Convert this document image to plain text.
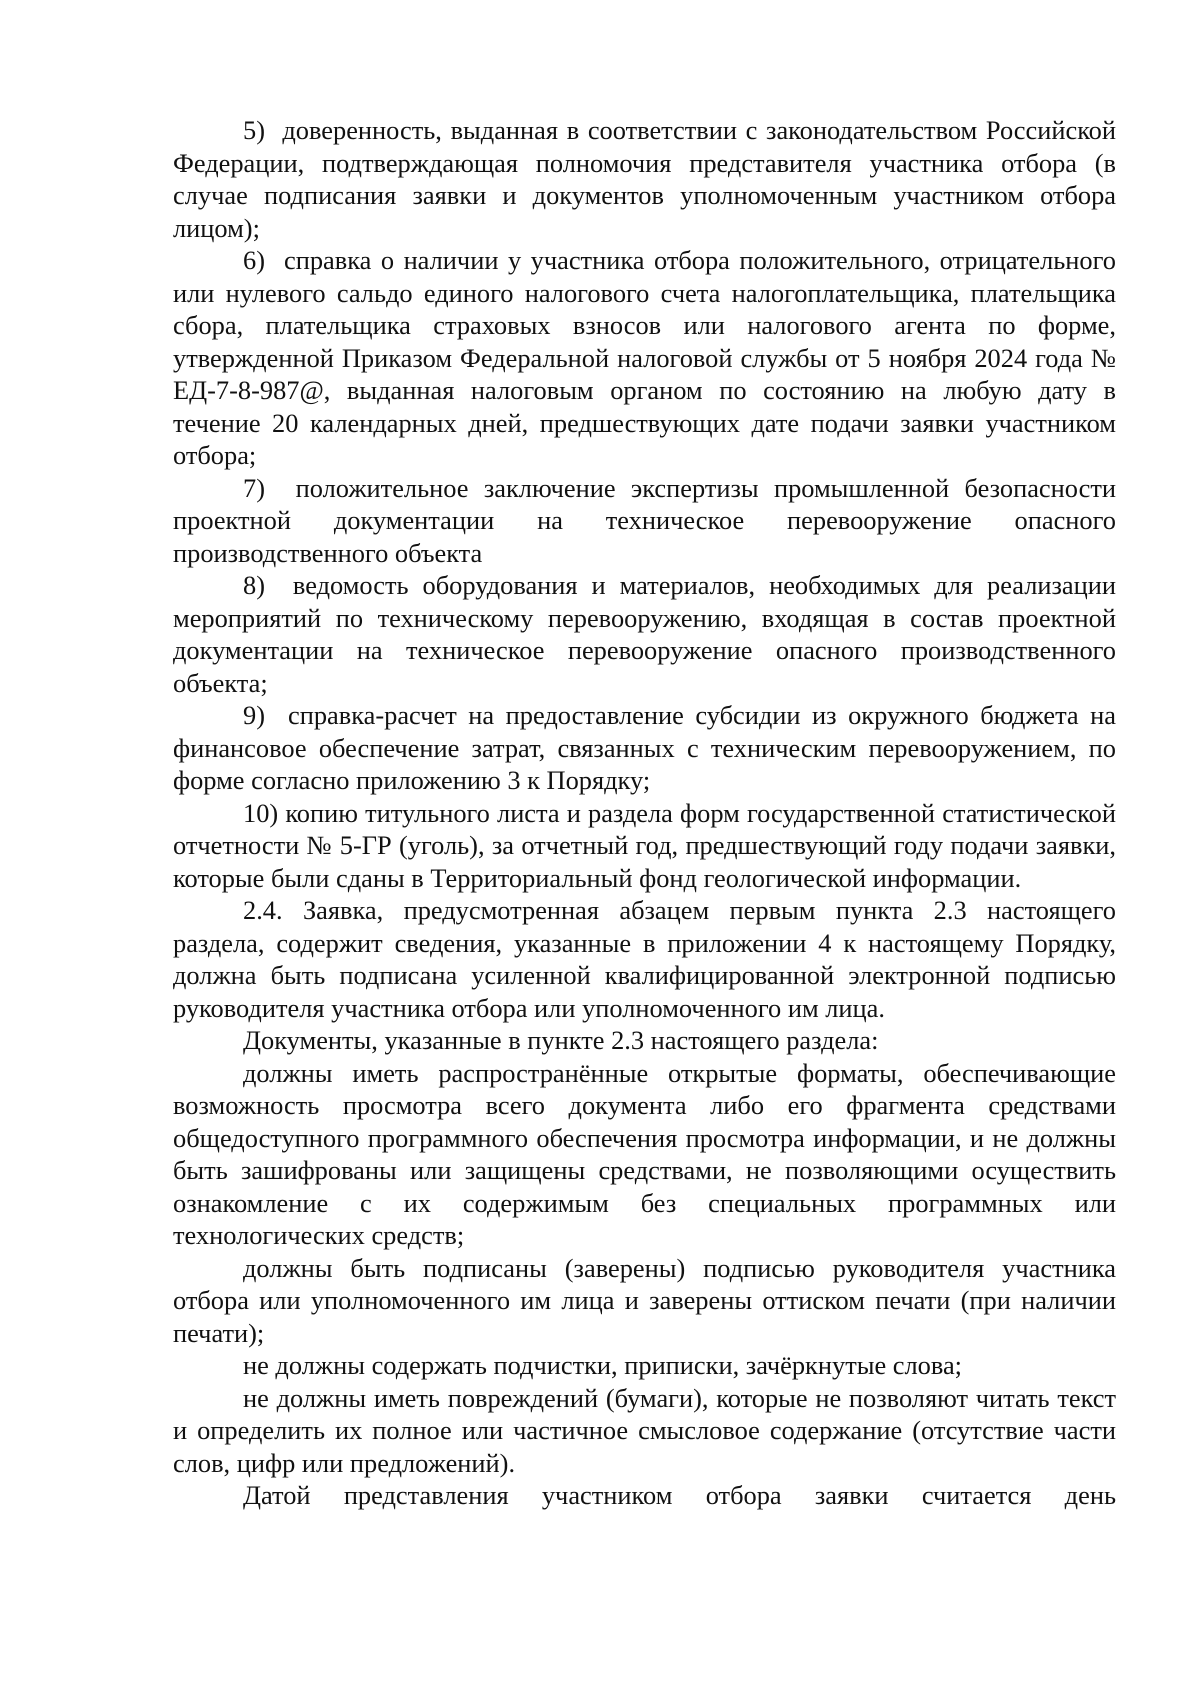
5)  доверенность, выданная в соответствии с законодательством Российской Федерации, подтверждающая полномочия представителя участника отбора (в случае подписания заявки и документов уполномоченным участником отбора лицом);

6)  справка о наличии у участника отбора положительного, отрицательного или нулевого сальдо единого налогового счета налогоплательщика, плательщика сбора, плательщика страховых взносов или налогового агента по форме, утвержденной Приказом Федеральной налоговой службы от 5 ноября 2024 года № ЕД-7-8-987@, выданная налоговым органом по состоянию на любую дату в течение 20 календарных дней, предшествующих дате подачи заявки участником отбора;

7)  положительное заключение экспертизы промышленной безопасности проектной документации на техническое перевооружение опасного производственного объекта

8)  ведомость оборудования и материалов, необходимых для реализации мероприятий по техническому перевооружению, входящая в состав проектной документации на техническое перевооружение опасного производственного объекта;

9)  справка-расчет на предоставление субсидии из окружного бюджета на финансовое обеспечение затрат, связанных с техническим перевооружением, по форме согласно приложению 3 к Порядку;

10) копию титульного листа и раздела форм государственной статистической отчетности № 5-ГР (уголь), за отчетный год, предшествующий году подачи заявки, которые были сданы в Территориальный фонд геологической информации.

2.4. Заявка, предусмотренная абзацем первым пункта 2.3 настоящего раздела, содержит сведения, указанные в приложении 4 к настоящему Порядку, должна быть подписана усиленной квалифицированной электронной подписью руководителя участника отбора или уполномоченного им лица.

Документы, указанные в пункте 2.3 настоящего раздела:

должны иметь распространённые открытые форматы, обеспечивающие возможность просмотра всего документа либо его фрагмента средствами общедоступного программного обеспечения просмотра информации, и не должны быть зашифрованы или защищены средствами, не позволяющими осуществить ознакомление с их содержимым без специальных программных или технологических средств;

должны быть подписаны (заверены) подписью руководителя участника отбора или уполномоченного им лица и заверены оттиском печати (при наличии печати);

не должны содержать подчистки, приписки, зачёркнутые слова;

не должны иметь повреждений (бумаги), которые не позволяют читать текст и определить их полное или частичное смысловое содержание (отсутствие части слов, цифр или предложений).

Датой представления участником отбора заявки считается день
